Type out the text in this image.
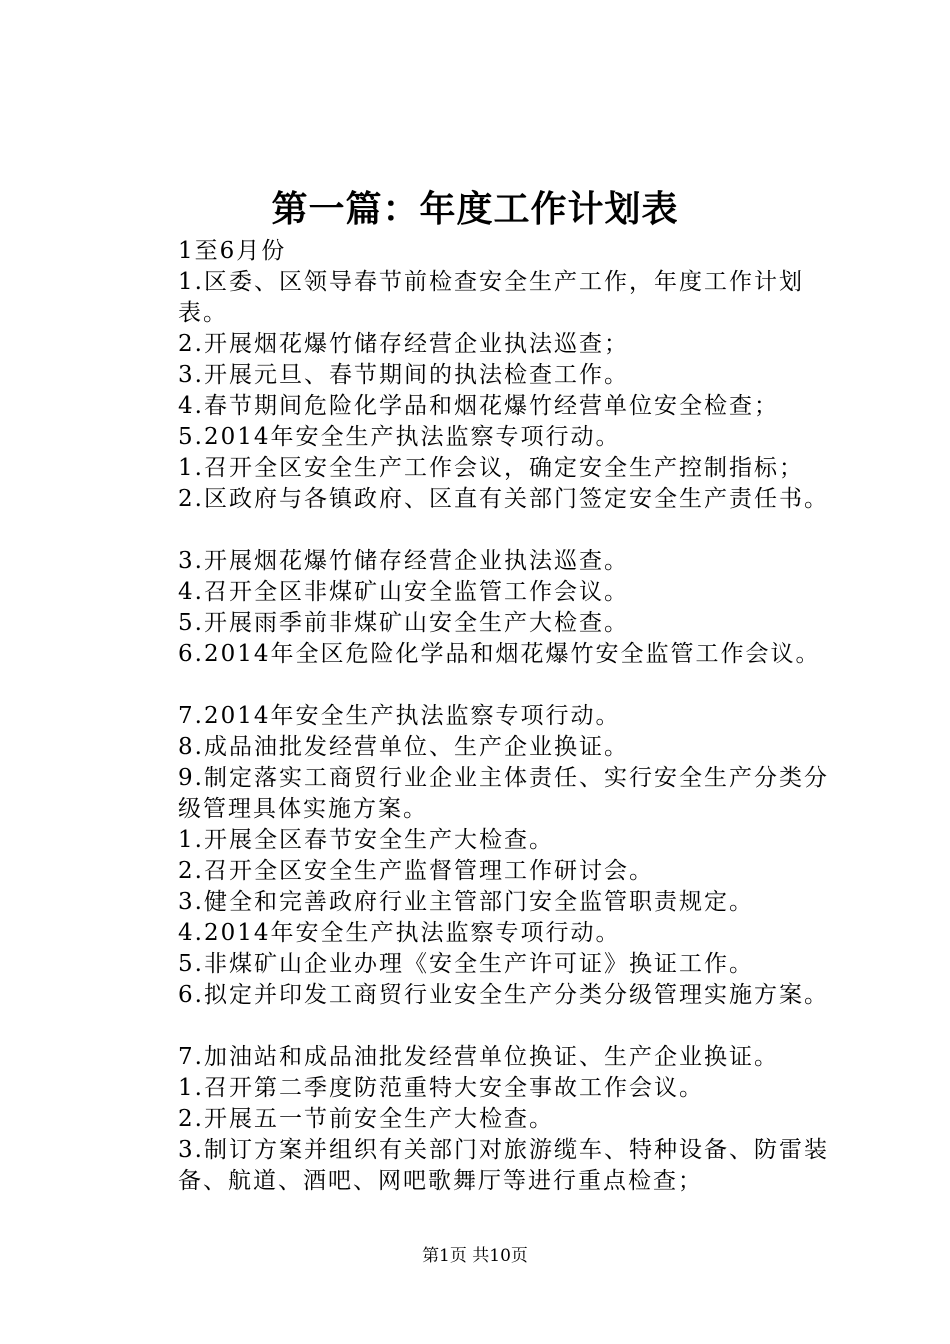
第一篇：年度工作计划表

1至6月份

1.区委、区领导春节前检查安全生产工作，年度工作计划表。

2.开展烟花爆竹储存经营企业执法巡查；

3.开展元旦、春节期间的执法检查工作。

4.春节期间危险化学品和烟花爆竹经营单位安全检查；

5.2014年安全生产执法监察专项行动。

1.召开全区安全生产工作会议，确定安全生产控制指标；

2.区政府与各镇政府、区直有关部门签定安全生产责任书。

3.开展烟花爆竹储存经营企业执法巡查。

4.召开全区非煤矿山安全监管工作会议。

5.开展雨季前非煤矿山安全生产大检查。

6.2014年全区危险化学品和烟花爆竹安全监管工作会议。

7.2014年安全生产执法监察专项行动。

8.成品油批发经营单位、生产企业换证。

9.制定落实工商贸行业企业主体责任、实行安全生产分类分级管理具体实施方案。

1.开展全区春节安全生产大检查。

2.召开全区安全生产监督管理工作研讨会。

3.健全和完善政府行业主管部门安全监管职责规定。

4.2014年安全生产执法监察专项行动。

5.非煤矿山企业办理《安全生产许可证》换证工作。

6.拟定并印发工商贸行业安全生产分类分级管理实施方案。

7.加油站和成品油批发经营单位换证、生产企业换证。

1.召开第二季度防范重特大安全事故工作会议。

2.开展五一节前安全生产大检查。

3.制订方案并组织有关部门对旅游缆车、特种设备、防雷装备、航道、酒吧、网吧歌舞厅等进行重点检查；

第1页 共10页
